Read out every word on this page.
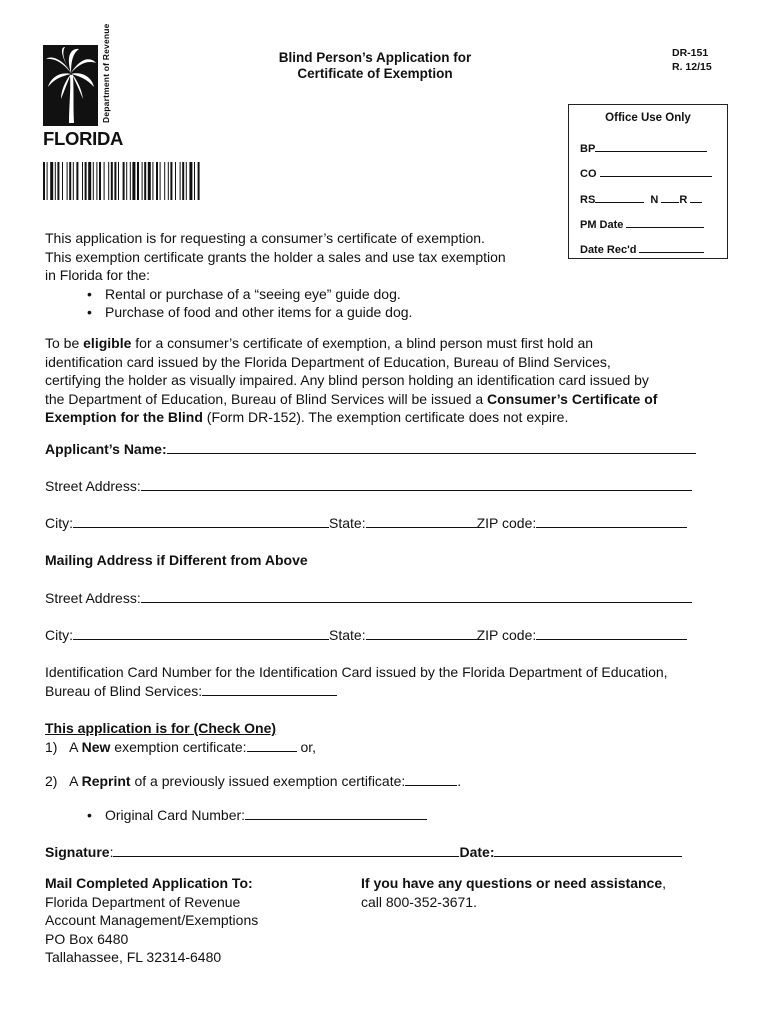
Department of Revenue
FLORIDA
Blind Person’s Application for
Certificate of Exemption
DR-151
R. 12/15
Office Use Only
BP
CO
RS	N R
PM Date
Date Rec'd
This application is for requesting a consumer’s certificate of exemption.
This exemption certificate grants the holder a sales and use tax exemption
in Florida for the:
• Rental or purchase of a “seeing eye” guide dog.
• Purchase of food and other items for a guide dog.
To be eligible for a consumer’s certificate of exemption, a blind person must first hold an
identification card issued by the Florida Department of Education, Bureau of Blind Services,
certifying the holder as visually impaired. Any blind person holding an identification card issued by
the Department of Education, Bureau of Blind Services will be issued a Consumer’s Certificate of
Exemption for the Blind (Form DR-152). The exemption certificate does not expire.
Applicant’s Name:
Street Address:
City:	State:	ZIP code:
Mailing Address if Different from Above
Street Address:
City:	State:	ZIP code:
Identification Card Number for the Identification Card issued by the Florida Department of Education,
Bureau of Blind Services:
This application is for (Check One)
1) A New exemption certificate:	or,
2) A Reprint of a previously issued exemption certificate:	.
• Original Card Number:
Signature:	Date:
Mail Completed Application To:
Florida Department of Revenue
Account Management/Exemptions
PO Box 6480
Tallahassee, FL 32314-6480
If you have any questions or need assistance,
call 800-352-3671.
